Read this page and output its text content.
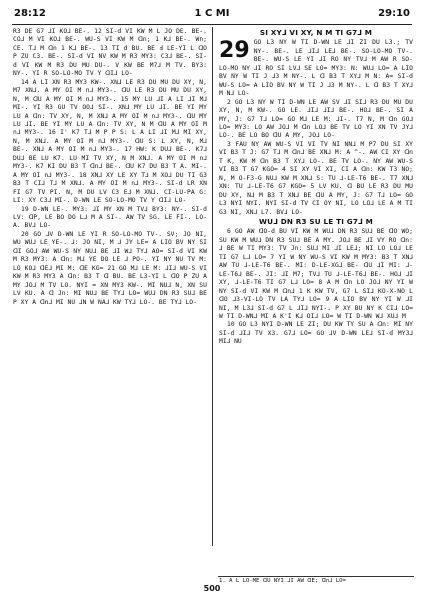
28:12	1 C MI	29:10

R3 DE G7 ⅃I KO⅃ BE-. 12 SI-d VI KW M L JO DE. BE-. CO⅃ M VI KO⅃ BE-. WU-S VI KW M ꓷn; 1 K⅃ BE-. Wn; CE. T⅃ M ꓷn 1 K⅃ BE-. 13 TI d BU. BE Ⅎ LE-YI L ꓷO P ZU C3. BE-. SI-d VI NV KW M R3 MY3: C3⅃ BE-. SI-d VI KW M R3 DU MU DU-. V KW BE M7⅃ M TV. BY3: NY-. YI R SO-LO-MO TV Y ꓷI⅃ LO-

14 A LI XN R3 MY3 KW-. XN⅃ LE R3 DU MU DU XY, N, M7 XN⅃. A MY OI M n⅃ MY3-. ꓷU LE R3 DU MU DU XY, N, M ꓷU A MY OI M n⅃ MY3-. 15 MY LU ⅃I A LI ⅃I M⅃ MI-. YI R3 GU TV OO⅃ SI-. XN⅃ MY LU ⅃I. BE YI MY LU A ꓷn: TV XY, N, M XN⅃ A MY OI M n⅃ MY3-. ꓷU MY LU ⅃I. BE YI MY LU A ꓷn: TV XY, N M ꓷU A MY OI M n⅃ MY3-. 16 I' K7 T⅃ M P P S: L A LI ⅃I M⅃ MI XY, N, M XN⅃. A MY OI M n⅃ MY3-. ꓷU S: L XY, N, M⅃ BE-. XN⅃ A MY OI M n⅃ MY3-. 17 HW: K DU⅃ BE-. K7⅃ DU⅃ BE LU K7. LU MI TV XY, N M XN⅃. A MY OI M n⅃ MY3-. K7 KI DU B3 T ꓷn⅃ BE-. ꓷU K7 DU B3 T A. MI-. A MY OI n⅃ MY3-. 18 XN⅃ XY LE XY T⅃ M XO⅃ DU TI G3 B3 T CI⅃ T⅃ M XN⅃. A MY OI M n⅃ MY3-. SI-d LR XN FI G7 TV PI. N, M DU LV C3 E⅃ M XN⅃. CI-LU-PA G: LI: XY C3⅃ MI-. D-WN LE SO-LO-MO TV Y ꓷI⅃ LO-

19 D-WN LE-. MY3: ⅃I MY XN M TV⅃ BY3: NY-. SI-d LV: ꓷP, LE BO DO L⅃ M A SI-. AW TV SG. LE FI-. LO-A. BV⅃ LO-

20 GO ⅃V D-WN LE YI R SO-LO-MO TV-. SV; JO NI, WU WU⅃ LE YE-. ⅃: JO NI, M ⅃ JY LE= A LIO BV NY SI ꓷI GO⅃ AW WU-S NY NU⅃ BE ⅃I W⅃ TY⅃ AO= SI-d VI KW M R3 MY3: A ꓷn: M⅃ YE DO LE ⅃ PO-. YI NY NU TV M: LO KO⅃ ꓷE⅃ MI M: ꓷE KG= 21 GO M⅃ LE M: ⅃I⅃ WU-S VI KW M R3 MY3 A ꓷn: B3 T ꓷ BU. BE L3-YI L ꓷO P ZU A MY JO⅃ M TV LO. NYI = XN MY3 KW-. MI NU⅃ N, XN SU LV KU. A ꓷ Jn: MI NU⅃ BE TY⅃ LO= WU⅃ DN R3 SU⅃ BE P XY A ꓷn⅃ MI NU ⅃N W NA⅃ KW TY⅃ LO-. BE TY⅃ LO-

SI XY⅃ VI XY, N M TI G7⅃ M

29 GO L3 NY W TI D-WN LE ⅃I ZI DU L3.; TV NY-. BE-. LE ⅃I⅃ LE⅃ BE-. SO-LO-MO TV-. BE-. WU-S LE YI ⅃I RO NY TV⅃ M AW R SO-LO-MO NY ⅃I RO SI LV⅃ SE LO= MY3: N: WU⅃ LO= A LIO BV NY W TI J ⅃3 M NY-. L ꓷ B3 T XY⅃ M N: A= SI-d WU-S LO= A LIO BV NY W TI J ⅃3 M NY-. L ꓷ B3 T XY⅃ M N⅃ LO-

2 GO L3 NY W TI D-WN LE AW SV ⅃I SI⅃ R3 DU MU DU XY, N, M KW-. GO LE. ⅃I⅃ ⅃I⅃ BE-. HO⅃ BE-. SI A MY, J: G7 T⅃ LO= GO M⅃ LE M: ⅃I-. T7 N, M ꓷn GO⅃ LO= MY3: LO AW JO⅃ M ꓷn LO⅃ BE TV LO YI XN TV JY⅃ LO-. BE LO BO ꓷU A MY, JO⅃ LO-

3 FAU NY AW WU-S VI VI TV NI NN⅃ M P7 DU SI XY VI B3 T J: G7 T⅃ M ꓷn⅃ BE XN⅃ M: A ^-. AW CI XY ꓷn T K, KW M ꓷn B3 T XY⅃ LO-. BE TV LO-. NY AW WU-S VI B3 T G7 KGO= 4 SI XY VI XI, CI A ꓷn: KW T3 NO; N, M O-F3-G NU⅃ KW M XN⅃ S: TU ⅃-LE-T6 BE-. T7 XN⅃ XN: TU ⅃-LE-T6 G7 KGO= 5 LV KU. ꓷ BU LE R3 DU MU DU XY, N⅃ M B3 T XN⅃ BE ꓷU A MY, J: G7 T⅃ LO= GO L3 NYI NYI. NYI SI-d TV CI OY NI, LO LO⅃ LE A M TI G3 NI, XN⅃ L7. BV⅃ LO-

WU⅃ DN R3 SU LE TI G7⅃ M

6 GO AW ꓷO-d BU VI KW M WU⅃ DN R3 SU⅃ BE ꓷO WO; SU KW M WU⅃ DN R3 SU⅃ BE A MY. JO⅃ BE ⅃I VY RO ꓷn: ⅃ BE W TI MY3: TV Jn: SU⅃ MI ⅃I LE⅃; NI LO LO⅃ LE TI G7 L⅃ LO= 7 YI W NY WU-S VI KW M MY3: B3 T XN⅃ AW TU ⅃-LE-T6 BE-. MI: D-LE-XG⅃ BE- ꓷU ⅃I MI: ⅃-LE-T6⅃ BE-. JI: ⅃I M7; TV⅃ TU ⅃-LE-T6⅃ BE-. HO⅃ ⅃I XY, ⅃-LE-T6 TI G7 L⅃ LO= 8 A M ꓷn LO JO⅃ NY YI W NY SI-d VI KW M ꓷn⅃ 1 K KW TV, G7 L SI⅃ KO-X-NO L ꓷO ⅃3-VI-LO TV LA TY⅃ LO= 9 A LIO BV NY YI W ⅃I NI, M L3⅃ SI-d G7 L ⅃I⅃ NYI-. P XY BU NY K CI⅃ LO= W TI D-WN⅃ MI A K'I K⅃ OI⅃ LO= W TI D-WN W⅃ XU⅃ M

10 GO L3 NYI D-WN LE ZI; DU KW TY SU A ꓷn: MI NY SI-d ⅃I⅃ TV X3. G7⅃ LO= GO ⅃V D-WN LE⅃ SI-d MY3⅃ MI⅃ NU

1. A L LO-ME ꓷU NYI ⅃I AW ꓷE; ꓷn⅃ LO=
500
